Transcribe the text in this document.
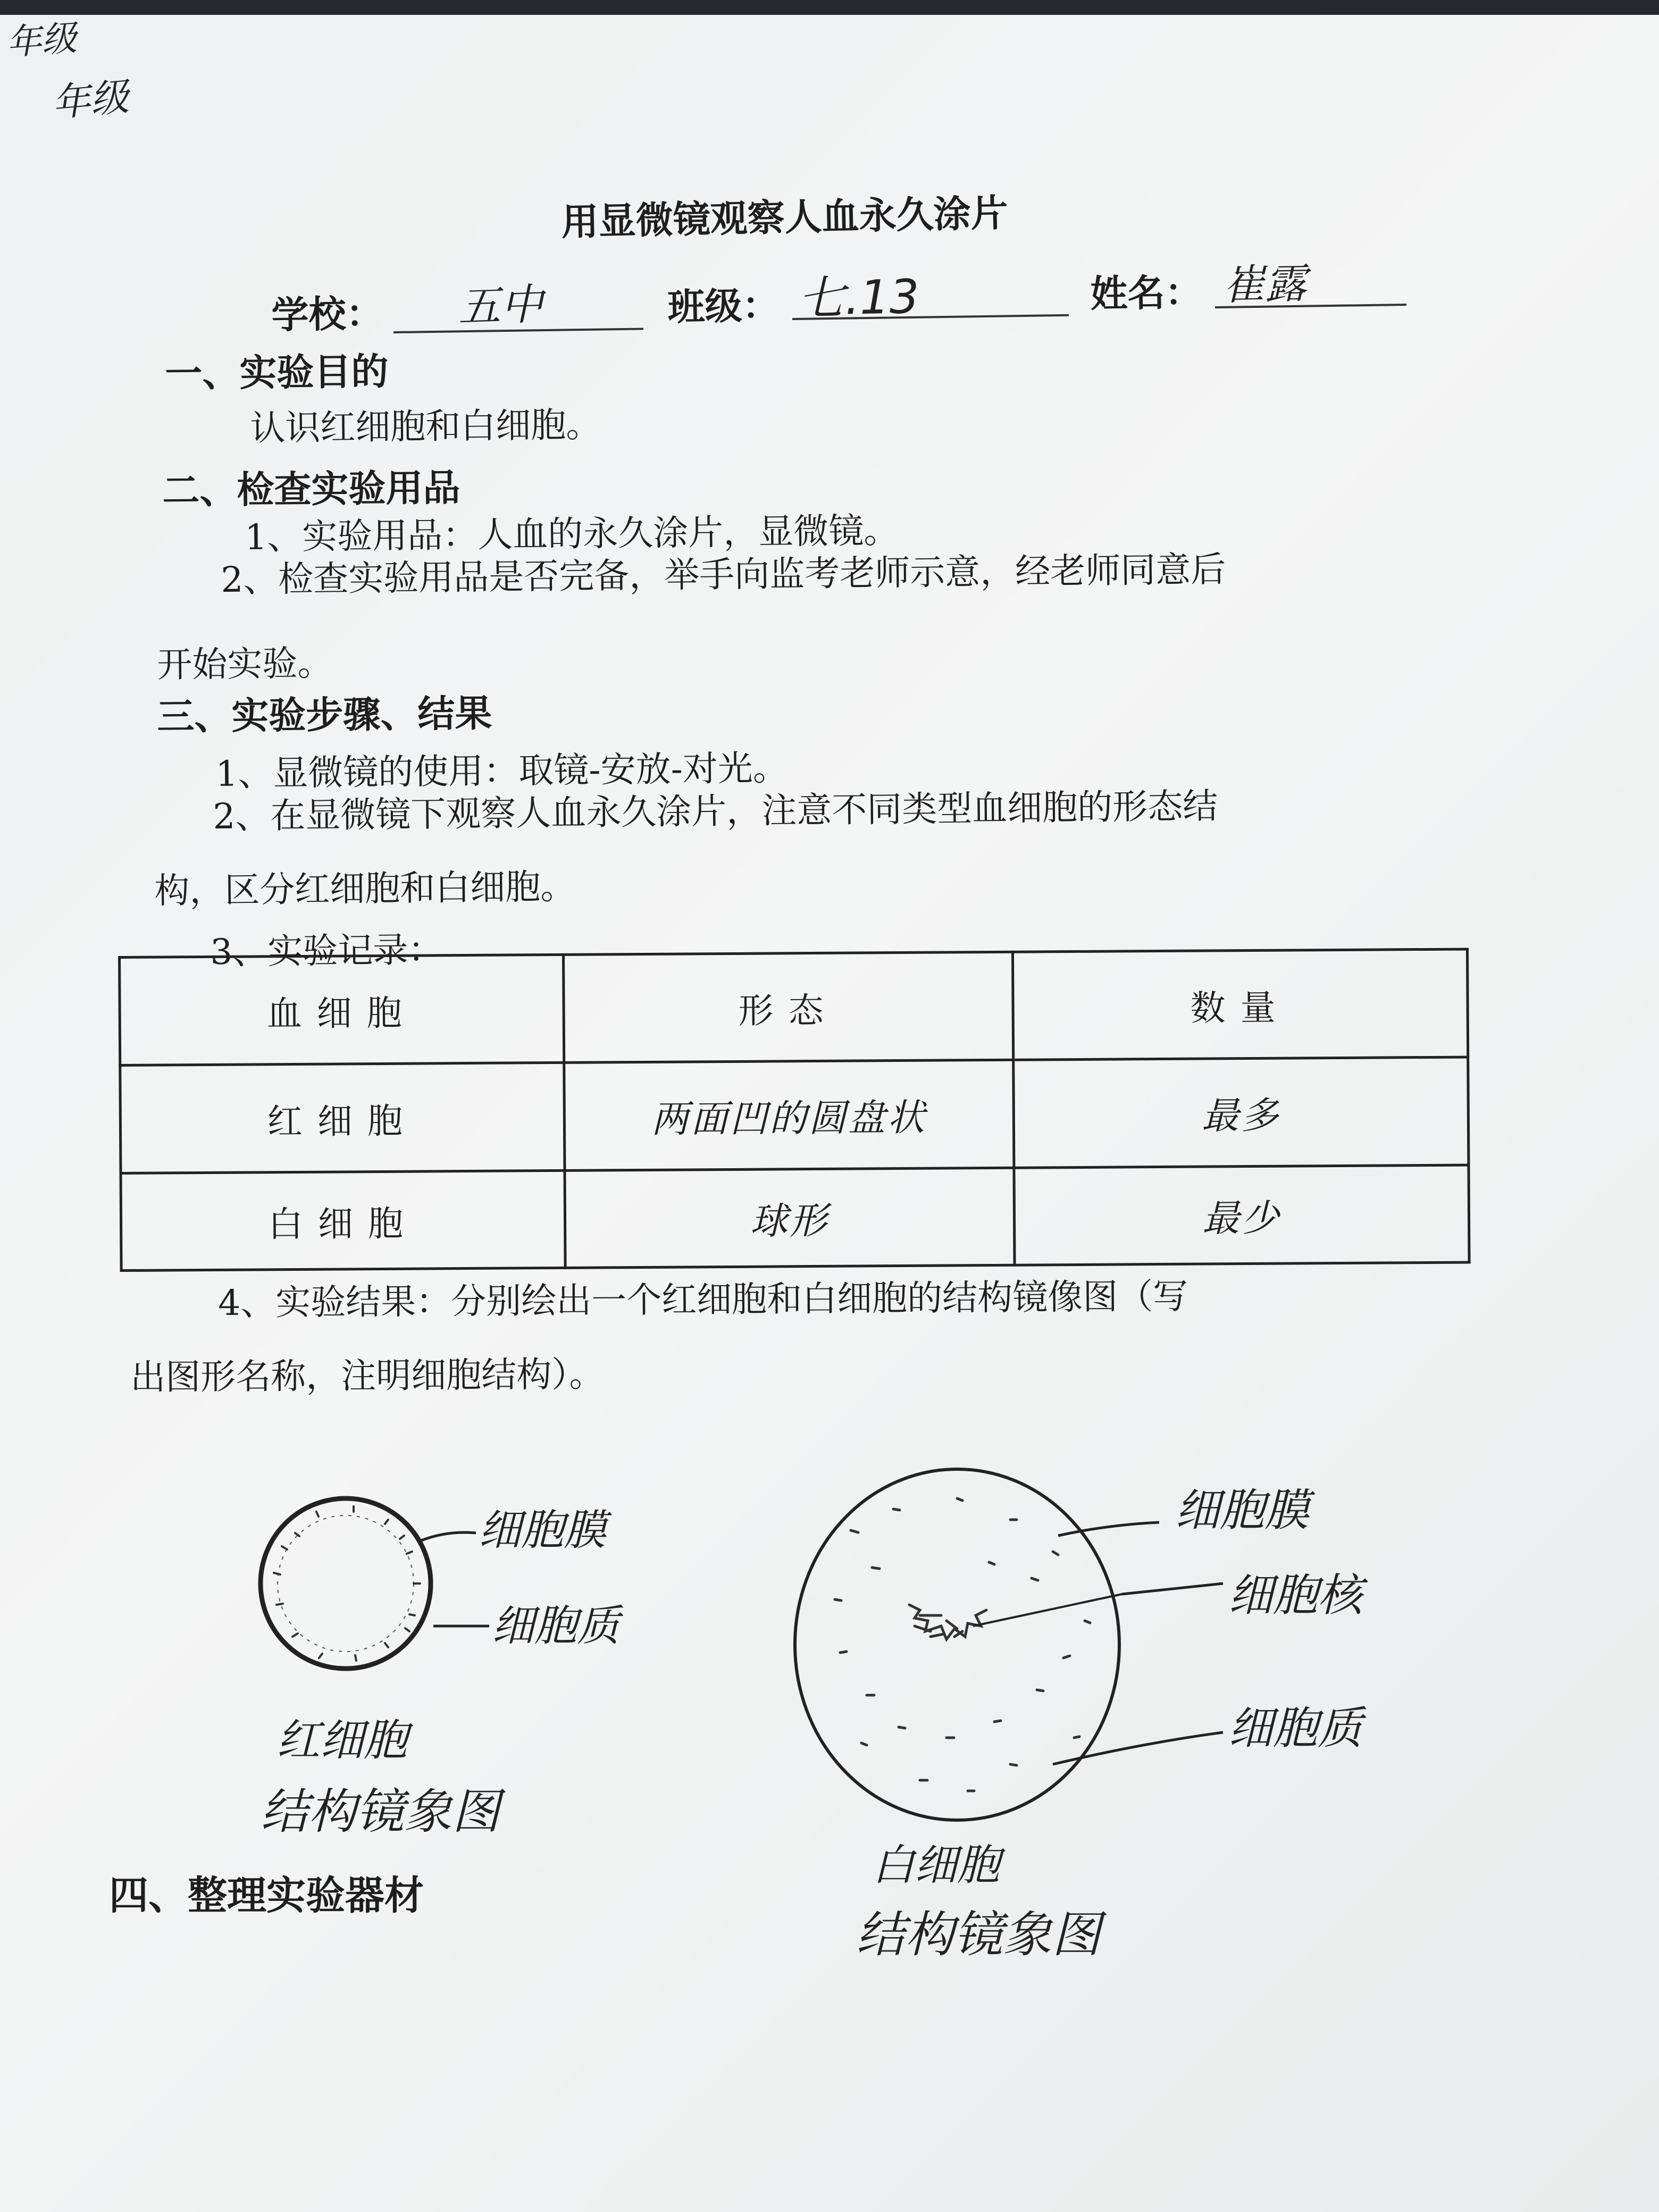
年级
年级
用显微镜观察人血永久涂片
学校： 五中	班级： 七.13	姓名： 崔露
一、实验目的
认识红细胞和白细胞。
二、检查实验用品
1、实验用品：人血的永久涂片，显微镜。
2、检查实验用品是否完备，举手向监考老师示意，经老师同意后
开始实验。
三、实验步骤、结果
1、显微镜的使用：取镜-安放-对光。
2、在显微镜下观察人血永久涂片，注意不同类型血细胞的形态结
构，区分红细胞和白细胞。
3、实验记录：
血细胞	形态	数量
红细胞	两面凹的圆盘状	最多
白细胞	球形	最少
4、实验结果：分别绘出一个红细胞和白细胞的结构镜像图（写
出图形名称，注明细胞结构）。
细胞膜
细胞质
红细胞
结构镜象图
细胞膜
细胞核
细胞质
白细胞
结构镜象图
四、整理实验器材
